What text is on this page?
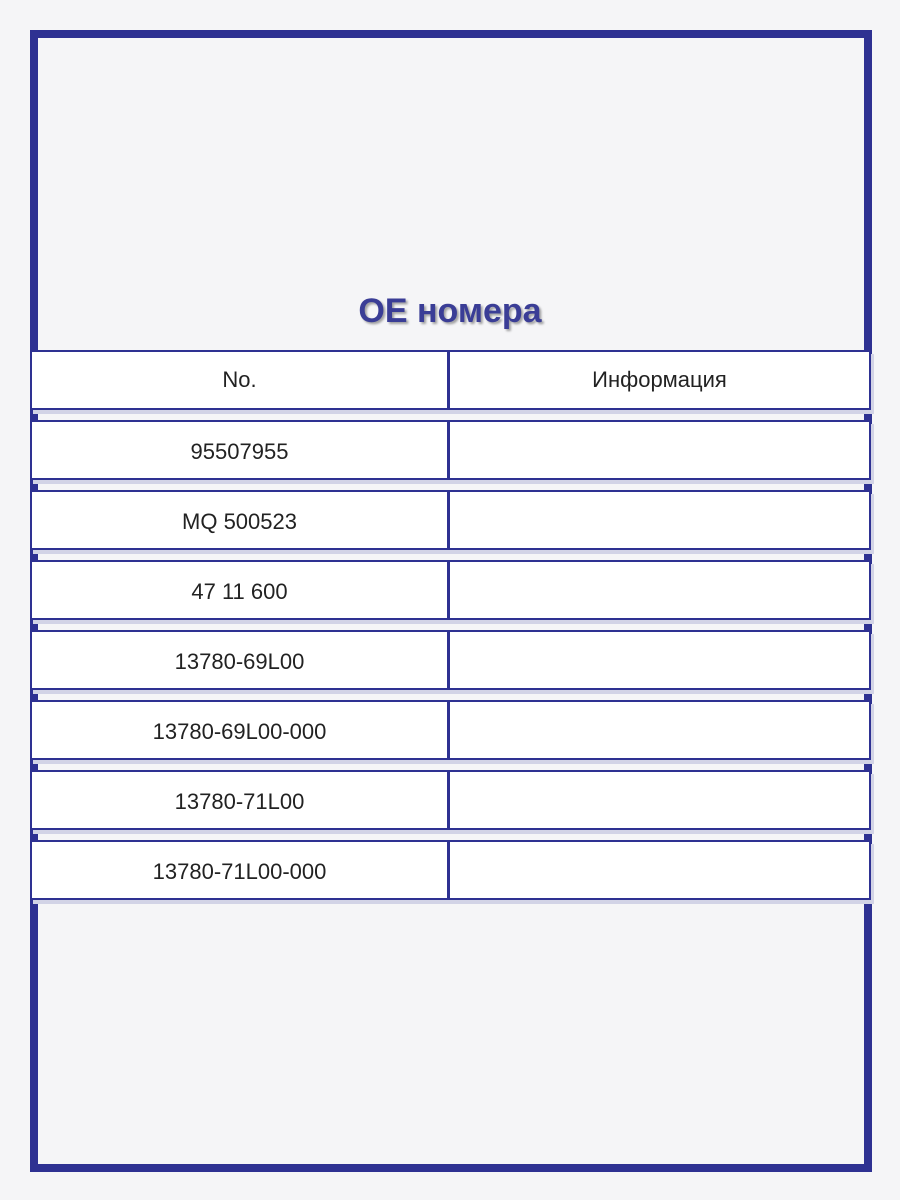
OE номера
No.	Информация
95507955
MQ 500523
47 11 600
13780-69L00
13780-69L00-000
13780-71L00
13780-71L00-000
